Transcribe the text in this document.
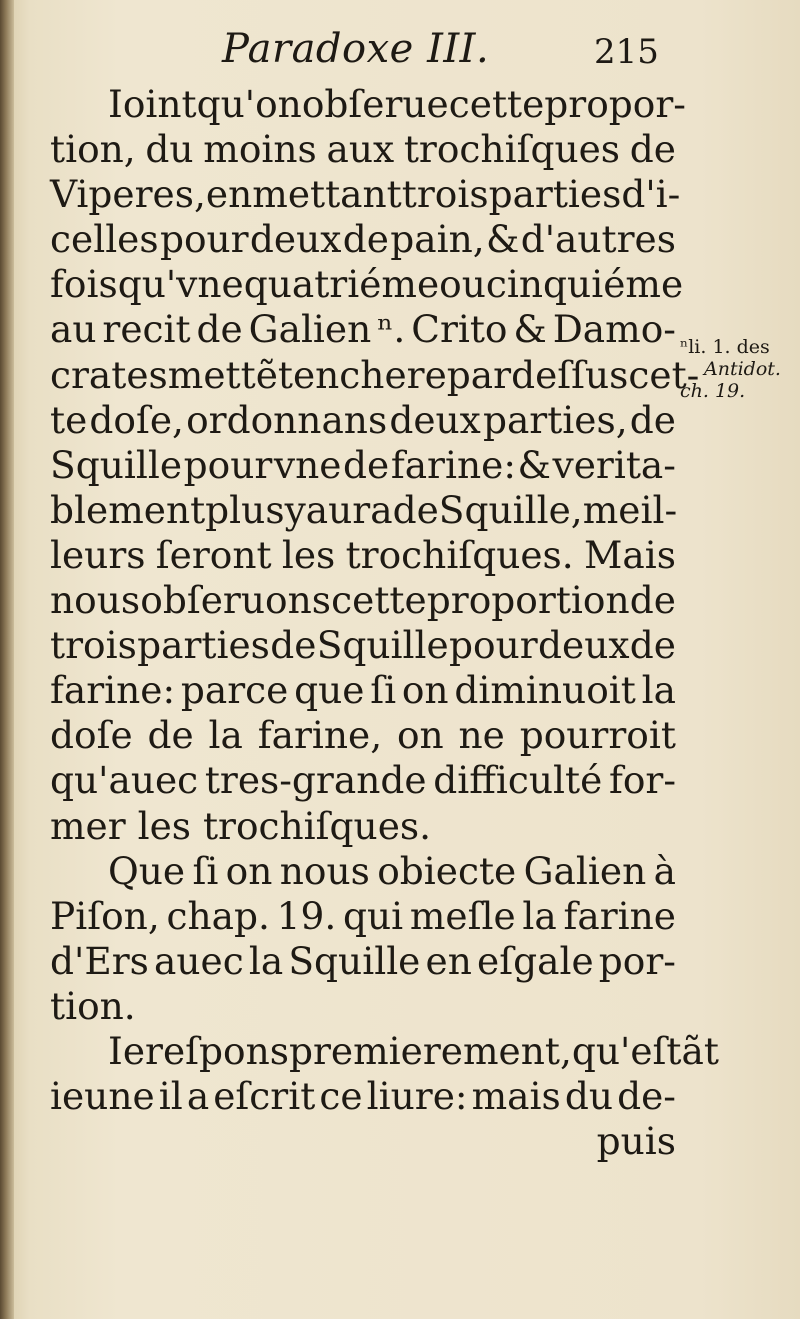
Paradoxe III.	215
Ioint qu'on obſerue cette propor-
tion, du moins aux trochiſques de
Viperes, en mettant trois parties d'i-
celles pour deux de pain, & d'autres
fois qu'vne quatriéme ou cinquiéme
au recit de Galien ⁿ. Crito & Damo-
crates mettẽt enchere par deſſus cet-
te doſe, ordonnans deux parties, de
Squille pour vne de farine: & verita-
blement plus y aura de Squille, meil-
leurs ſeront les trochiſques. Mais
nous obſeruons cette proportion de
trois parties de Squille pour deux de
farine: parce que ſi on diminuoit la
doſe de la farine, on ne pourroit
qu'auec tres-grande difficulté for-
mer les trochiſques.
Que ſi on nous obiecte Galien à
Piſon, chap. 19. qui meſle la farine
d'Ers auec la Squille en eſgale por-
tion.
Ie reſpons premierement, qu'eſtãt
ieune il a eſcrit ce liure: mais du de-
puis
ⁿli. 1. des
Antidot.
ch. 19.
